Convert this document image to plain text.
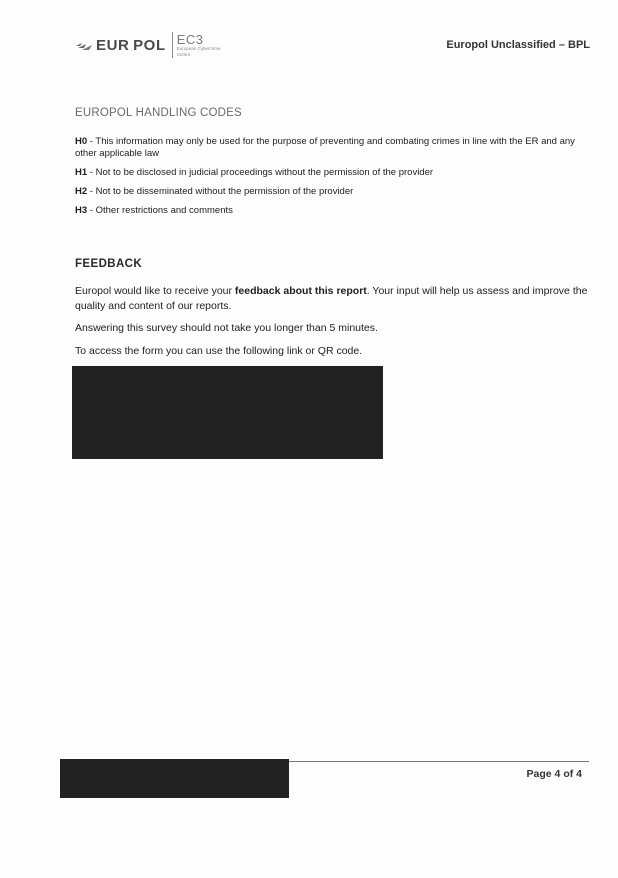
EUR POL EC3
European Cybercrime
Centre
Europol Unclassified – BPL
EUROPOL HANDLING CODES
H0 - This information may only be used for the purpose of preventing and combating crimes in line with the ER and any other applicable law
H1 - Not to be disclosed in judicial proceedings without the permission of the provider
H2 - Not to be disseminated without the permission of the provider
H3 - Other restrictions and comments
FEEDBACK
Europol would like to receive your feedback about this report. Your input will help us assess and improve the quality and content of our reports.
Answering this survey should not take you longer than 5 minutes.
To access the form you can use the following link or QR code.
Page 4 of 4
